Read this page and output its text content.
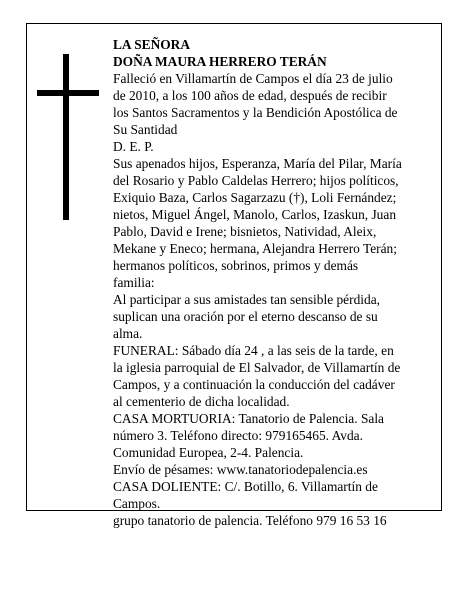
LA SEÑORA

DOÑA MAURA HERRERO TERÁN

Falleció en Villamartín de Campos el día 23 de julio de 2010, a los 100 años de edad, después de recibir los Santos Sacramentos y la Bendición Apostólica de Su Santidad

D. E. P.

Sus apenados hijos, Esperanza, María del Pilar, María del Rosario y Pablo Caldelas Herrero; hijos políticos, Exiquio Baza, Carlos Sagarzazu (†), Loli Fernández; nietos, Miguel Ángel, Manolo, Carlos, Izaskun, Juan Pablo, David e Irene; bisnietos, Natividad, Aleix, Mekane y Eneco; hermana, Alejandra Herrero Terán; hermanos políticos, sobrinos, primos y demás familia:

Al participar a sus amistades tan sensible pérdida, suplican una oración por el eterno descanso de su alma.

FUNERAL: Sábado día 24 , a las seis de la tarde, en la iglesia parroquial de El Salvador, de Villamartín de Campos, y a continuación la conducción del cadáver al cementerio de dicha localidad.

CASA MORTUORIA: Tanatorio de Palencia. Sala número 3. Teléfono directo: 979165465. Avda. Comunidad Europea, 2-4. Palencia.

Envío de pésames: www.tanatoriodepalencia.es

CASA DOLIENTE: C/. Botillo, 6. Villamartín de Campos.

grupo tanatorio de palencia. Teléfono 979 16 53 16
